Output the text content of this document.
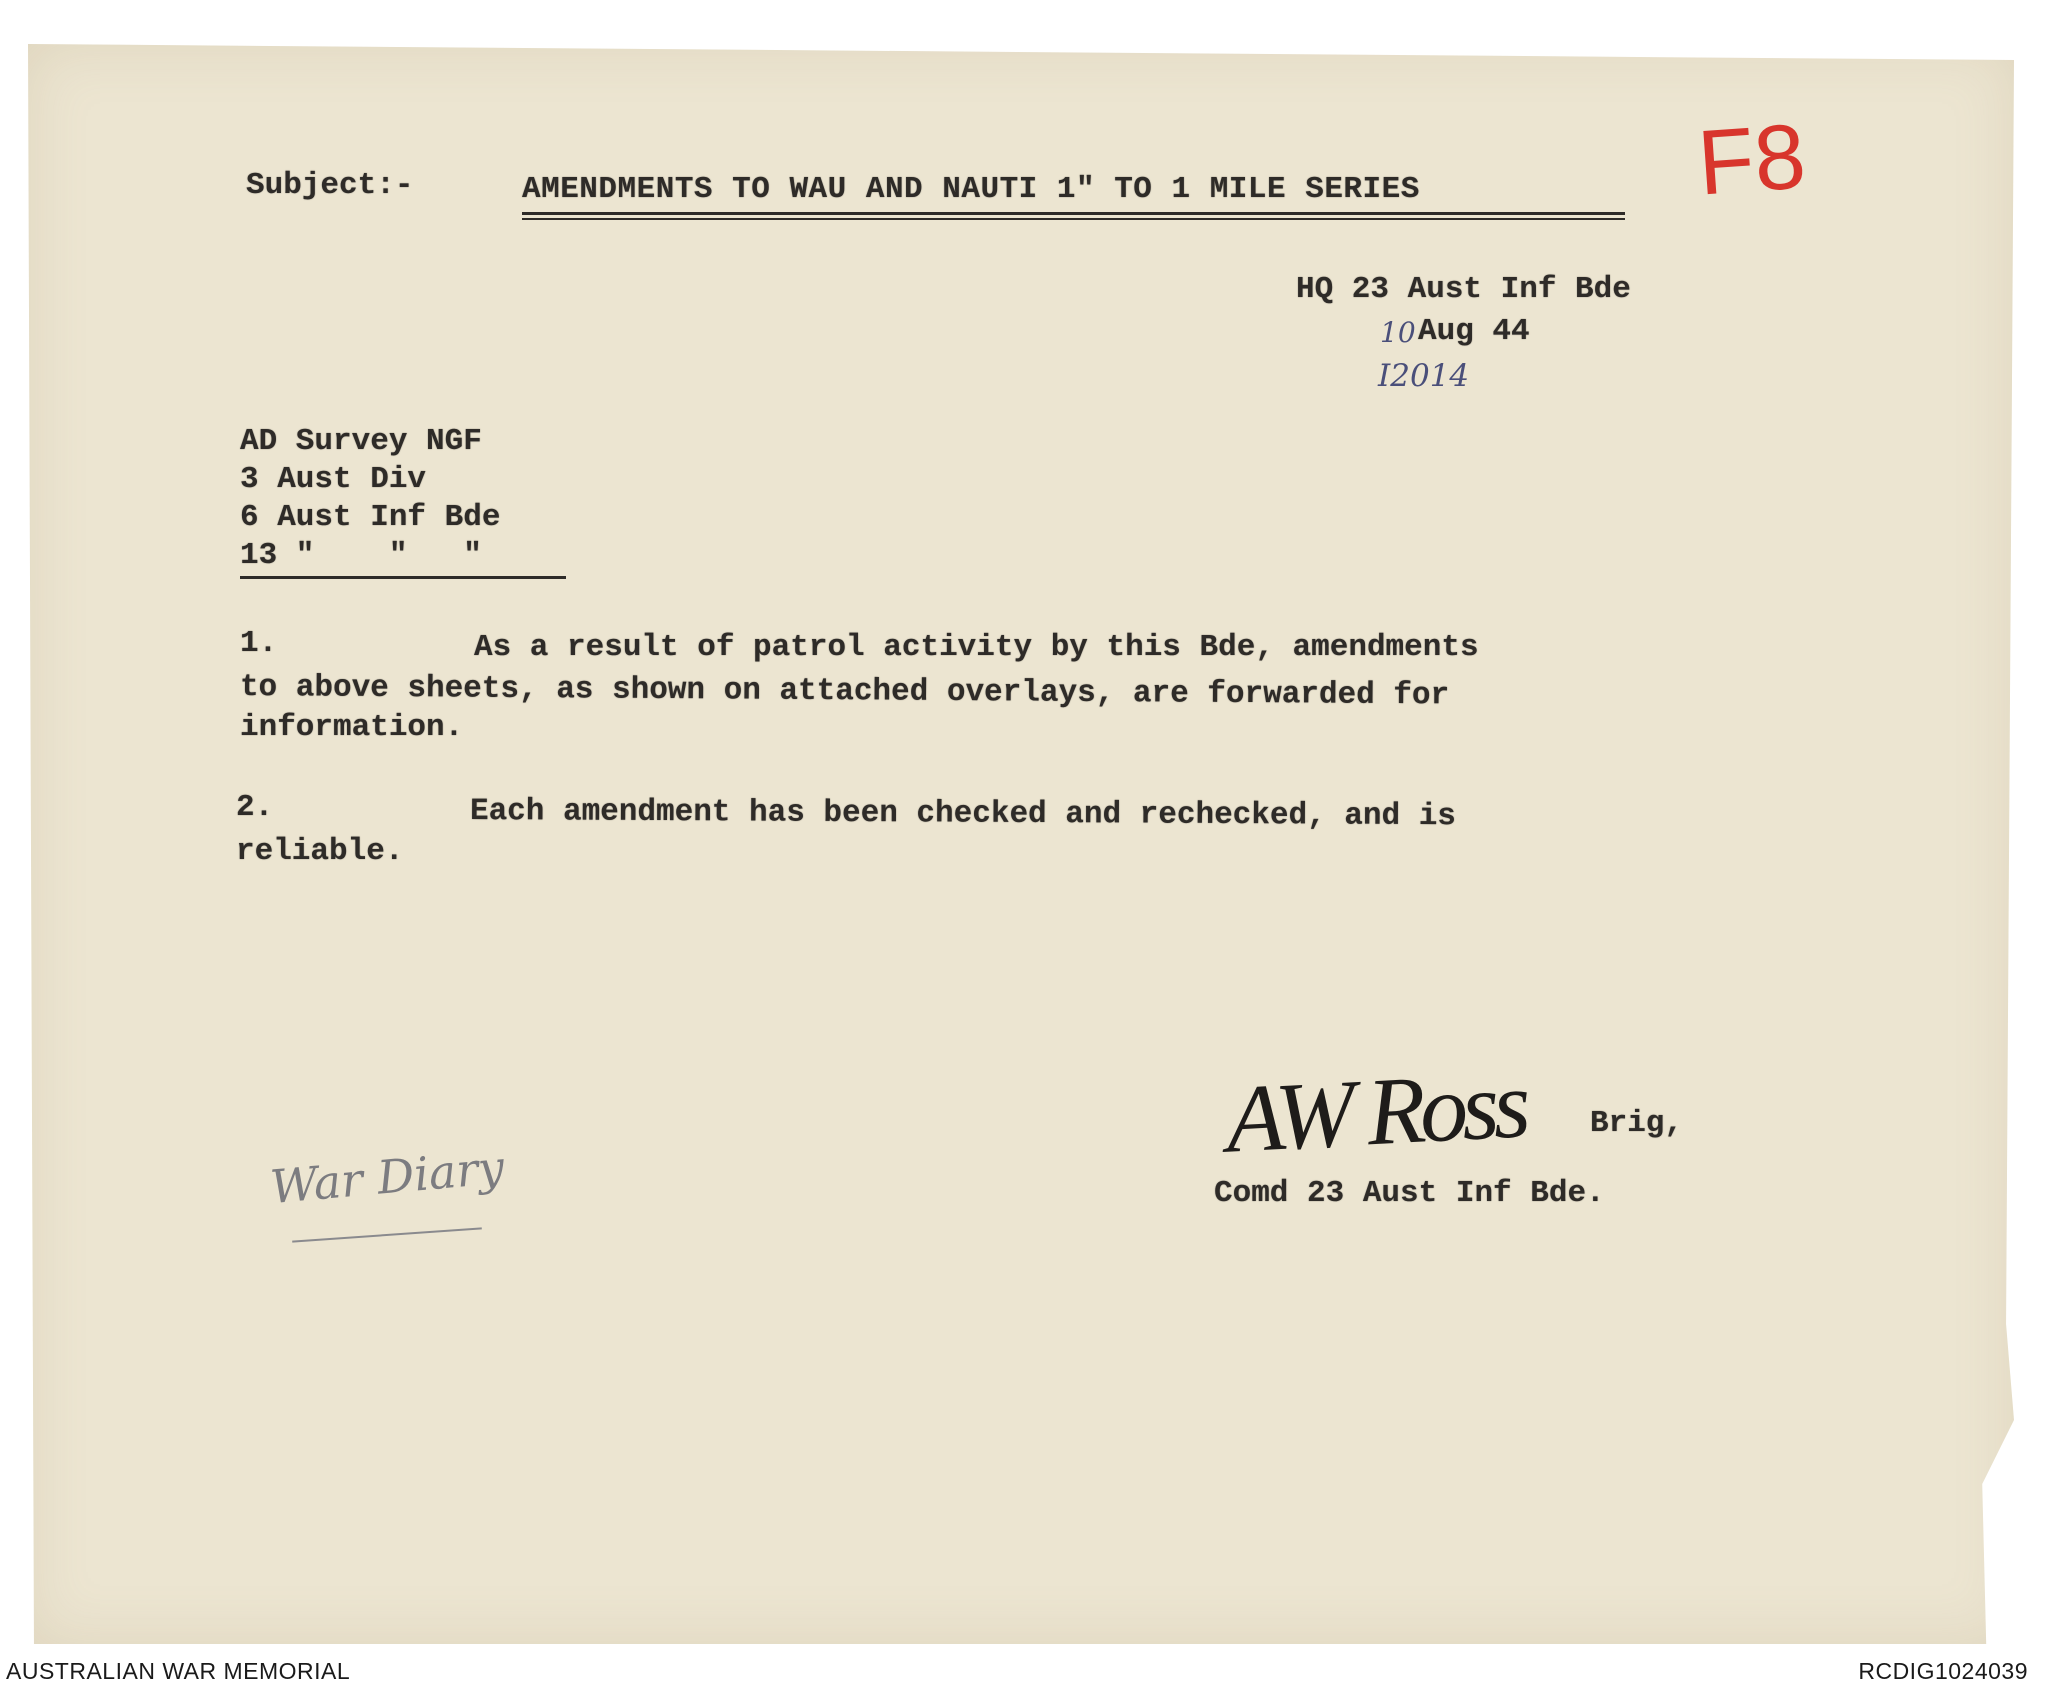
Subject:-	AMENDMENTS TO WAU AND NAUTI 1" TO 1 MILE SERIES	F8
HQ 23 Aust Inf Bde
10 Aug 44
I2014
AD Survey NGF
3 Aust Div
6 Aust Inf Bde
13 "    "   "
1.	As a result of patrol activity by this Bde, amendments
to above sheets, as shown on attached overlays, are forwarded for
information.
2.	Each amendment has been checked and rechecked, and is
reliable.
AW Ross Brig,
Comd 23 Aust Inf Bde.
War Diary
AUSTRALIAN WAR MEMORIAL	RCDIG1024039
